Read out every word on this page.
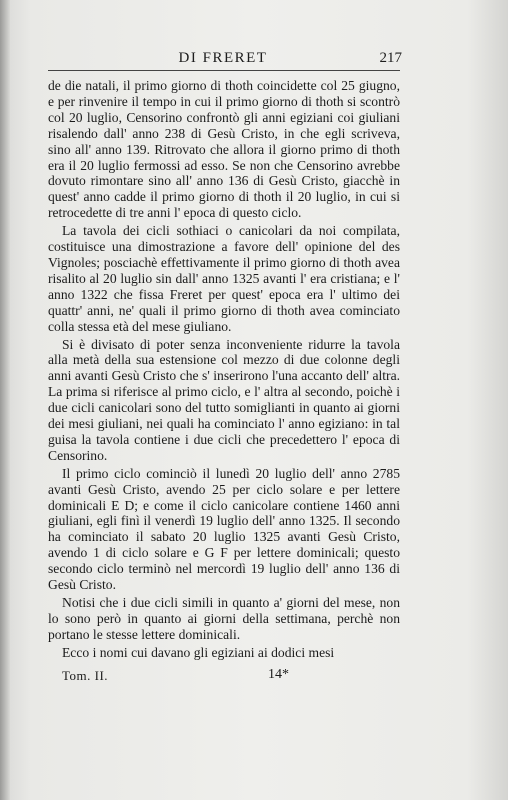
DI FRERET	217

de die natali, il primo giorno di thoth coincidette col 25 giugno, e per rinvenire il tempo in cui il primo giorno di thoth si scontrò col 20 luglio, Censorino confrontò gli anni egiziani coi giuliani risalendo dall' anno 238 di Gesù Cristo, in che egli scriveva, sino all' anno 139. Ritrovato che allora il giorno primo di thoth era il 20 luglio fermossi ad esso. Se non che Censorino avrebbe dovuto rimontare sino all' anno 136 di Gesù Cristo, giacchè in quest' anno cadde il primo giorno di thoth il 20 luglio, in cui si retrocedette di tre anni l' epoca di questo ciclo.

La tavola dei cicli sothiaci o canicolari da noi compilata, costituisce una dimostrazione a favore dell' opinione del des Vignoles; posciachè effettivamente il primo giorno di thoth avea risalito al 20 luglio sin dall' anno 1325 avanti l' era cristiana; e l' anno 1322 che fissa Freret per quest' epoca era l' ultimo dei quattr' anni, ne' quali il primo giorno di thoth avea cominciato colla stessa età del mese giuliano.

Si è divisato di poter senza inconveniente ridurre la tavola alla metà della sua estensione col mezzo di due colonne degli anni avanti Gesù Cristo che s' inserirono l'una accanto dell' altra. La prima si riferisce al primo ciclo, e l' altra al secondo, poichè i due cicli canicolari sono del tutto somiglianti in quanto ai giorni dei mesi giuliani, nei quali ha cominciato l' anno egiziano: in tal guisa la tavola contiene i due cicli che precedettero l' epoca di Censorino.

Il primo ciclo cominciò il lunedì 20 luglio dell' anno 2785 avanti Gesù Cristo, avendo 25 per ciclo solare e per lettere dominicali E D; e come il ciclo canicolare contiene 1460 anni giuliani, egli finì il venerdì 19 luglio dell' anno 1325. Il secondo ha cominciato il sabato 20 luglio 1325 avanti Gesù Cristo, avendo 1 di ciclo solare e G F per lettere dominicali; questo secondo ciclo terminò nel mercordì 19 luglio dell' anno 136 di Gesù Cristo.

Notisi che i due cicli simili in quanto a' giorni del mese, non lo sono però in quanto ai giorni della settimana, perchè non portano le stesse lettere dominicali.

Ecco i nomi cui davano gli egiziani ai dodici mesi

Tom. II.	14*
